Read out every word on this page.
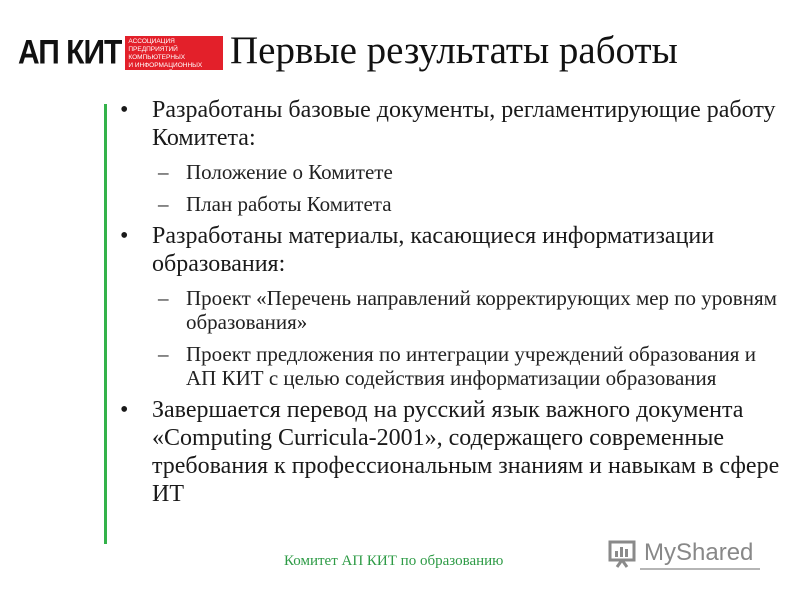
АП КИТ АССОЦИАЦИЯ ПРЕДПРИЯТИЙ
КОМПЬЮТЕРНЫХ
И ИНФОРМАЦИОННЫХ
ТЕХНОЛОГИЙ
Первые результаты работы
• Разработаны базовые документы, регламентирующие работу Комитета:
– Положение о Комитете
– План работы Комитета
• Разработаны материалы, касающиеся информатизации образования:
– Проект «Перечень направлений корректирующих мер по уровням образования»
– Проект предложения по интеграции учреждений образования и АП КИТ с целью содействия информатизации образования
• Завершается перевод на русский язык важного документа «Computing Curricula-2001», содержащего современные требования к профессиональным знаниям и навыкам в сфере ИТ
Комитет АП КИТ по образованию	MyShared
